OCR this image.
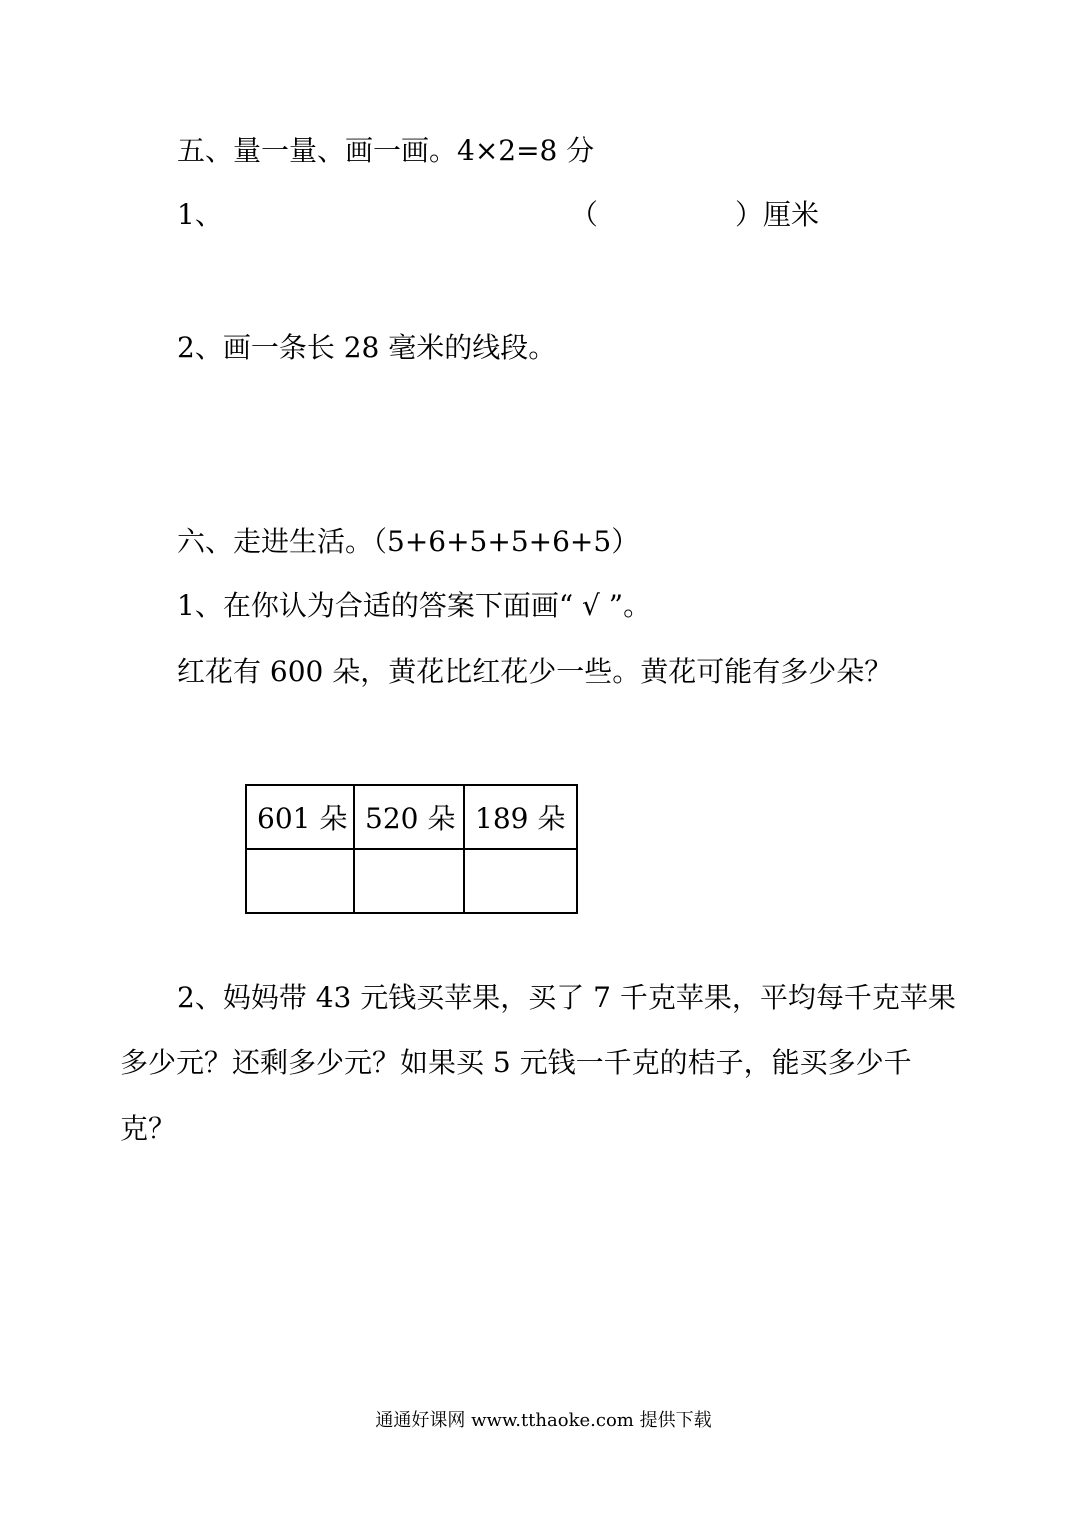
五、量一量、画一画。4×2=8 分
1、	（	）厘米
2、画一条长 28 毫米的线段。
六、走进生活。（5+6+5+5+6+5）
1、在你认为合适的答案下面画“ √ ”。
红花有 600 朵，黄花比红花少一些。黄花可能有多少朵？
601 朵	520 朵	189 朵

2、妈妈带 43 元钱买苹果，买了 7 千克苹果，平均每千克苹果
多少元？还剩多少元？如果买 5 元钱一千克的桔子，能买多少千
克？
通通好课网 www.tthaoke.com 提供下载
